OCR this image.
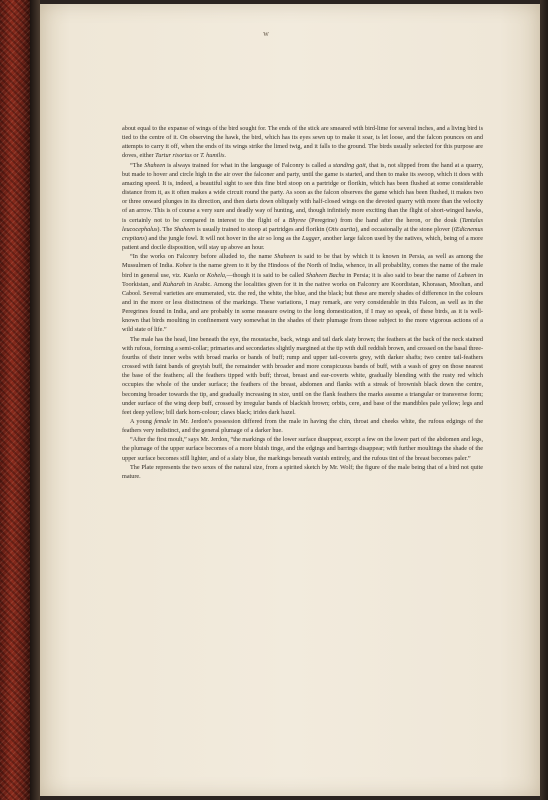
w

about equal to the expanse of wings of the bird sought for. The ends of the stick are smeared with bird-lime for several inches, and a living bird is tied to the centre of it. On observing the hawk, the bird, which has its eyes sewn up to make it soar, is let loose, and the falcon pounces on and attempts to carry it off, when the ends of its wings strike the limed twig, and it falls to the ground. The birds usually selected for this purpose are doves, either Turtur risorius or T. humilis.

“The Shaheen is always trained for what in the language of Falconry is called a standing gait, that is, not slipped from the hand at a quarry, but made to hover and circle high in the air over the falconer and party, until the game is started, and then to make its swoop, which it does with amazing speed. It is, indeed, a beautiful sight to see this fine bird stoop on a partridge or florikin, which has been flushed at some considerable distance from it, as it often makes a wide circuit round the party. As soon as the falcon observes the game which has been flushed, it makes two or three onward plunges in its direction, and then darts down obliquely with half-closed wings on the devoted quarry with more than the velocity of an arrow. This is of course a very sure and deadly way of hunting, and, though infinitely more exciting than the flight of short-winged hawks, is certainly not to be compared in interest to the flight of a Bhyree (Peregrine) from the hand after the heron, or the douk (Tantalus leucocephalus). The Shaheen is usually trained to stoop at partridges and florikin (Otis aurita), and occasionally at the stone plover (Œdicnemus crepitans) and the jungle fowl. It will not hover in the air so long as the Lugger, another large falcon used by the natives, which, being of a more patient and docile disposition, will stay up above an hour.

“In the works on Falconry before alluded to, the name Shaheen is said to be that by which it is known in Persia, as well as among the Mussulmen of India. Kohee is the name given to it by the Hindoos of the North of India, whence, in all probability, comes the name of the male bird in general use, viz. Kuela or Kohela,—though it is said to be called Shaheen Bacha in Persia; it is also said to bear the name of Laheen in Toorkistan, and Kuharah in Arabic. Among the localities given for it in the native works on Falconry are Koordistan, Khorasan, Mooltan, and Cabool. Several varieties are enumerated, viz. the red, the white, the blue, and the black; but these are merely shades of difference in the colours and in the more or less distinctness of the markings. These variations, I may remark, are very considerable in this Falcon, as well as in the Peregrines found in India, and are probably in some measure owing to the long domestication, if I may so speak, of these birds, as it is well-known that birds moulting in confinement vary somewhat in the shades of their plumage from those subject to the more vigorous actions of a wild state of life.”

The male has the head, line beneath the eye, the moustache, back, wings and tail dark slaty brown; the feathers at the back of the neck stained with rufous, forming a semi-collar; primaries and secondaries slightly margined at the tip with dull reddish brown, and crossed on the basal three-fourths of their inner webs with broad marks or bands of buff; rump and upper tail-coverts grey, with darker shafts; two centre tail-feathers crossed with faint bands of greyish buff, the remainder with broader and more conspicuous bands of buff, with a wash of grey on those nearest the base of the feathers; all the feathers tipped with buff; throat, breast and ear-coverts white, gradually blending with the rusty red which occupies the whole of the under surface; the feathers of the breast, abdomen and flanks with a streak of brownish black down the centre, becoming broader towards the tip, and gradually increasing in size, until on the flank feathers the marks assume a triangular or transverse form; under surface of the wing deep buff, crossed by irregular bands of blackish brown; orbits, cere, and base of the mandibles pale yellow; legs and feet deep yellow; bill dark horn-colour; claws black; irides dark hazel.

A young female in Mr. Jerdon’s possession differed from the male in having the chin, throat and cheeks white, the rufous edgings of the feathers very indistinct, and the general plumage of a darker hue.

“After the first moult,” says Mr. Jerdon, “the markings of the lower surface disappear, except a few on the lower part of the abdomen and legs, the plumage of the upper surface becomes of a more bluish tinge, and the edgings and barrings disappear; with further moultings the shade of the upper surface becomes still lighter, and of a slaty blue, the markings beneath vanish entirely, and the rufous tint of the breast becomes paler.”

The Plate represents the two sexes of the natural size, from a spirited sketch by Mr. Wolf; the figure of the male being that of a bird not quite mature.
